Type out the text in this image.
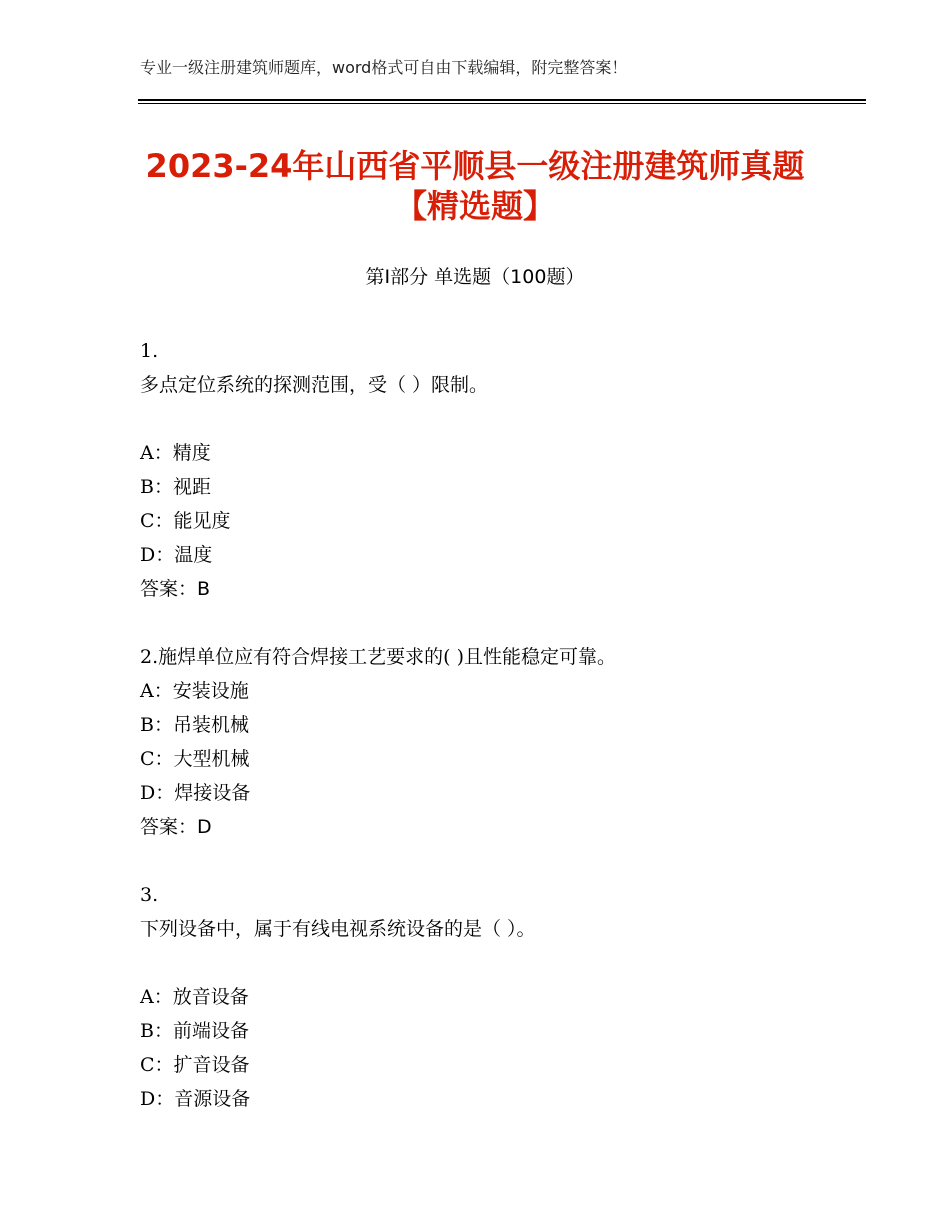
专业一级注册建筑师题库，word格式可自由下载编辑，附完整答案！
2023-24年山西省平顺县一级注册建筑师真题【精选题】
第Ⅰ部分 单选题（100题）
1.
多点定位系统的探测范围，受（ ）限制。
A：精度
B：视距
C：能见度
D：温度
答案：B
2.施焊单位应有符合焊接工艺要求的( )且性能稳定可靠。
A：安装设施
B：吊装机械
C：大型机械
D：焊接设备
答案：D
3.
下列设备中，属于有线电视系统设备的是（ ）。
A：放音设备
B：前端设备
C：扩音设备
D：音源设备
